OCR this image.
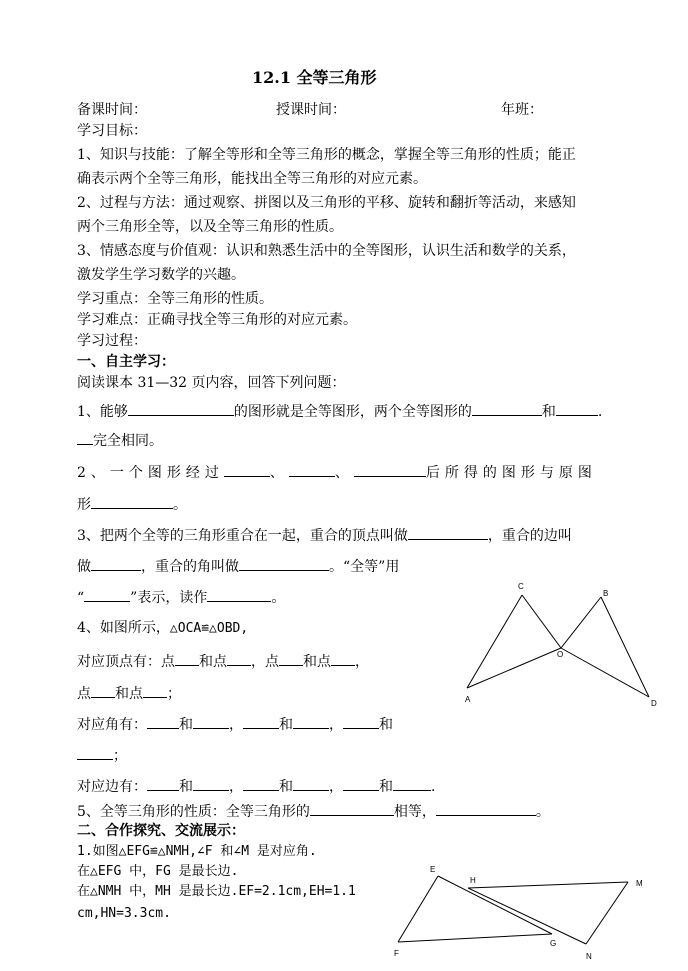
12.1 全等三角形
备课时间：	授课时间：	年班：
学习目标：
1、知识与技能：了解全等形和全等三角形的概念，掌握全等三角形的性质；能正
确表示两个全等三角形，能找出全等三角形的对应元素。
2、过程与方法：通过观察、拼图以及三角形的平移、旋转和翻折等活动，来感知
两个三角形全等，以及全等三角形的性质。
3、情感态度与价值观：认识和熟悉生活中的全等图形，认识生活和数学的关系，
激发学生学习数学的兴趣。
学习重点：全等三角形的性质。
学习难点：正确寻找全等三角形的对应元素。
学习过程：
一、自主学习：
阅读课本 31—32 页内容，回答下列问题：
1、能够	的图形就是全等图形，两个全等图形的	和	.
完全相同。
2、一个图形经过	、	、	后所得的图形与原图
形	。
3、把两个全等的三角形重合在一起，重合的顶点叫做	，重合的边叫
做	，重合的角叫做	。“全等”用
“	”表示，读作	。
4、如图所示，△OCA≌△OBD,
对应顶点有：点 和点 ，点 和点 ，
点 和点 ；
对应角有： 和	，	和	，	和
；
对应边有： 和	，	和	，	和	.
5、全等三角形的性质：全等三角形的	相等，	。
二、合作探究、交流展示：
1.如图△EFG≌△NMH,∠F 和∠M 是对应角.
在△EFG 中，FG 是最长边.
在△NMH 中，MH 是最长边.EF=2.1cm,EH=1.1
cm,HN=3.3cm.
C
B
O
A	D
E
H	M
F
G
N
